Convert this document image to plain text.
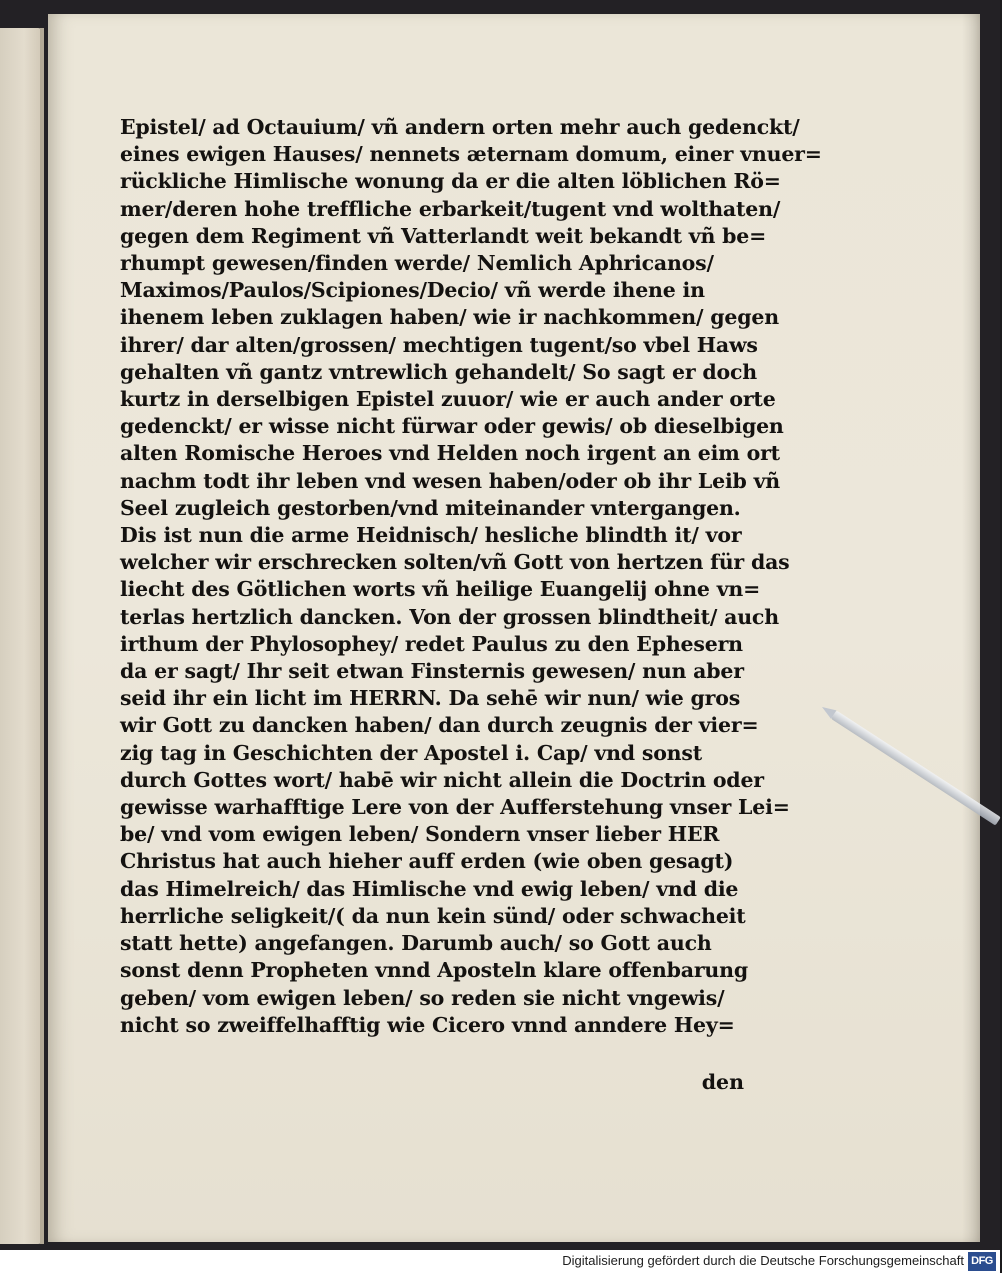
Epistel/ ad Octauium/ vñ andern orten mehr auch gedenckt/
eines ewigen Hauses/ nennets æternam domum, einer vnuer=
rückliche Himlische wonung da er die alten löblichen Rö=
mer/deren hohe treffliche erbarkeit/tugent vnd wolthaten/
gegen dem Regiment vñ Vatterlandt weit bekandt vñ be=
rhumpt gewesen/finden werde/ Nemlich Aphricanos/
Maximos/Paulos/Scipiones/Decio/ vñ werde ihene in
ihenem leben zuklagen haben/ wie ir nachkommen/ gegen
ihrer/ dar alten/grossen/ mechtigen tugent/so vbel Haws
gehalten vñ gantz vntrewlich gehandelt/ So sagt er doch
kurtz in derselbigen Epistel zuuor/ wie er auch ander orte
gedenckt/ er wisse nicht fürwar oder gewis/ ob dieselbigen
alten Romische Heroes vnd Helden noch irgent an eim ort
nachm todt ihr leben vnd wesen haben/oder ob ihr Leib vñ
Seel zugleich gestorben/vnd miteinander vntergangen.
Dis ist nun die arme Heidnisch/ hesliche blindth it/ vor
welcher wir erschrecken solten/vñ Gott von hertzen für das
liecht des Götlichen worts vñ heilige Euangelij ohne vn=
terlas hertzlich dancken. Von der grossen blindtheit/ auch
irthum der Phylosophey/ redet Paulus zu den Ephesern
da er sagt/ Ihr seit etwan Finsternis gewesen/ nun aber
seid ihr ein licht im HERRN. Da sehē wir nun/ wie gros
wir Gott zu dancken haben/ dan durch zeugnis der vier=
zig tag in Geschichten der Apostel i. Cap/ vnd sonst
durch Gottes wort/ habē wir nicht allein die Doctrin oder
gewisse warhafftige Lere von der Aufferstehung vnser Lei=
be/ vnd vom ewigen leben/ Sondern vnser lieber HER
Christus hat auch hieher auff erden (wie oben gesagt)
das Himelreich/ das Himlische vnd ewig leben/ vnd die
herrliche seligkeit/( da nun kein sünd/ oder schwacheit
statt hette) angefangen. Darumb auch/ so Gott auch
sonst denn Propheten vnnd Aposteln klare offenbarung
geben/ vom ewigen leben/ so reden sie nicht vngewis/
nicht so zweiffelhafftig wie Cicero vnnd anndere Hey=
den
Digitalisierung gefördert durch die Deutsche Forschungsgemeinschaft DFG
